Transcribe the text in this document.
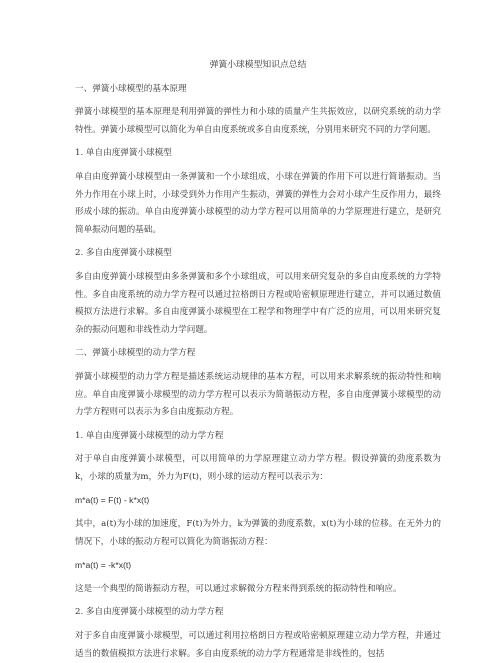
弹簧小球模型知识点总结
一、弹簧小球模型的基本原理
弹簧小球模型的基本原理是利用弹簧的弹性力和小球的质量产生共振效应，以研究系统的动力学特性。弹簧小球模型可以简化为单自由度系统或多自由度系统，分别用来研究不同的力学问题。
1. 单自由度弹簧小球模型
单自由度弹簧小球模型由一条弹簧和一个小球组成，小球在弹簧的作用下可以进行简谐振动。当外力作用在小球上时，小球受到外力作用产生振动，弹簧的弹性力会对小球产生反作用力，最终形成小球的振动。单自由度弹簧小球模型的动力学方程可以用简单的力学原理进行建立，是研究简单振动问题的基础。
2. 多自由度弹簧小球模型
多自由度弹簧小球模型由多条弹簧和多个小球组成，可以用来研究复杂的多自由度系统的力学特性。多自由度系统的动力学方程可以通过拉格朗日方程或哈密顿原理进行建立，并可以通过数值模拟方法进行求解。多自由度弹簧小球模型在工程学和物理学中有广泛的应用，可以用来研究复杂的振动问题和非线性动力学问题。
二、弹簧小球模型的动力学方程
弹簧小球模型的动力学方程是描述系统运动规律的基本方程，可以用来求解系统的振动特性和响应。单自由度弹簧小球模型的动力学方程可以表示为简谐振动方程，多自由度弹簧小球模型的动力学方程则可以表示为多自由度振动方程。
1. 单自由度弹簧小球模型的动力学方程
对于单自由度弹簧小球模型，可以用简单的力学原理建立动力学方程。假设弹簧的劲度系数为k，小球的质量为m，外力为F(t)，则小球的运动方程可以表示为：
m*a(t) = F(t) - k*x(t)
其中，a(t)为小球的加速度，F(t)为外力，k为弹簧的劲度系数，x(t)为小球的位移。在无外力的情况下，小球的振动方程可以简化为简谐振动方程：
m*a(t) = -k*x(t)
这是一个典型的简谐振动方程，可以通过求解微分方程来得到系统的振动特性和响应。
2. 多自由度弹簧小球模型的动力学方程
对于多自由度弹簧小球模型，可以通过利用拉格朗日方程或哈密顿原理建立动力学方程，并通过适当的数值模拟方法进行求解。多自由度系统的动力学方程通常是非线性的，包括
